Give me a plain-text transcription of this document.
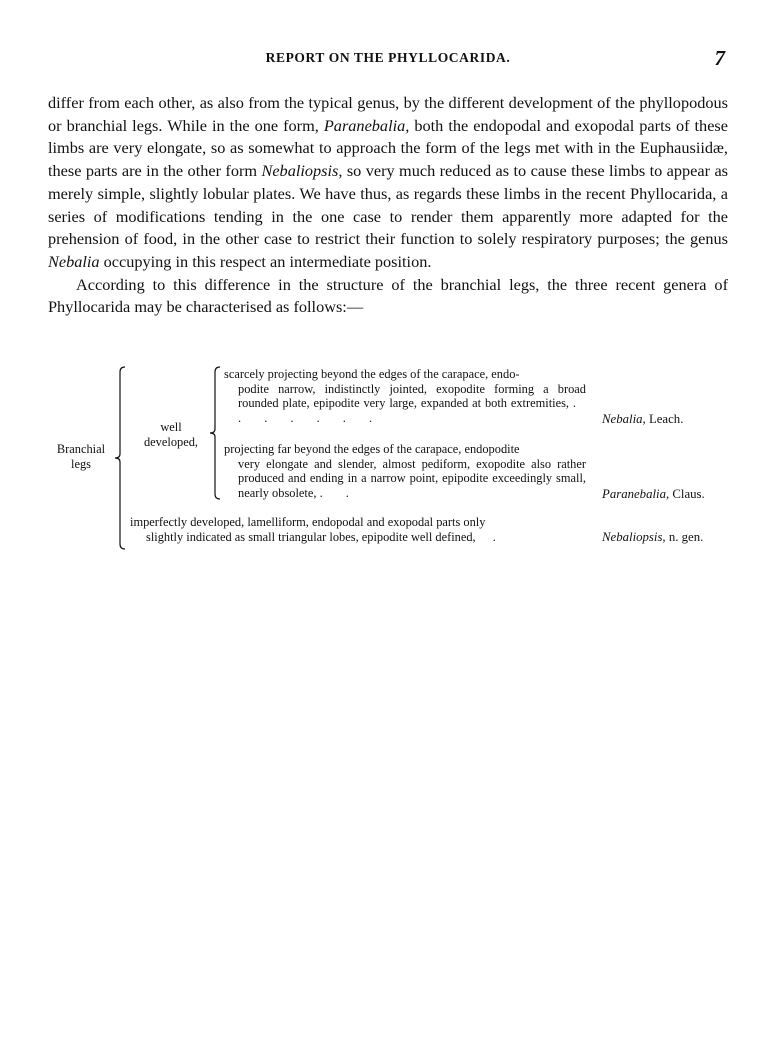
REPORT ON THE PHYLLOCARIDA.	7

differ from each other, as also from the typical genus, by the different development of the phyllopodous or branchial legs. While in the one form, Paranebalia, both the endopodal and exopodal parts of these limbs are very elongate, so as somewhat to approach the form of the legs met with in the Euphausiidæ, these parts are in the other form Nebaliopsis, so very much reduced as to cause these limbs to appear as merely simple, slightly lobular plates. We have thus, as regards these limbs in the recent Phyllocarida, a series of modifications tending in the one case to render them apparently more adapted for the prehension of food, in the other case to restrict their function to solely respiratory purposes; the genus Nebalia occupying in this respect an intermediate position.

According to this difference in the structure of the branchial legs, the three recent genera of Phyllocarida may be characterised as follows:—

Branchial
legs
well
developed,
scarcely projecting beyond the edges of the carapace, endo-
podite narrow, indistinctly jointed, exopodite forming a broad rounded plate, epipodite very large, expanded at both extremities, . . . . . . .	Nebalia, Leach.
projecting far beyond the edges of the carapace, endopodite
very elongate and slender, almost pediform, exopodite also rather produced and ending in a narrow point, epipodite exceedingly small, nearly obsolete, . .	Paranebalia, Claus.
imperfectly developed, lamelliform, endopodal and exopodal parts only
slightly indicated as small triangular lobes, epipodite well defined, .	Nebaliopsis, n. gen.
